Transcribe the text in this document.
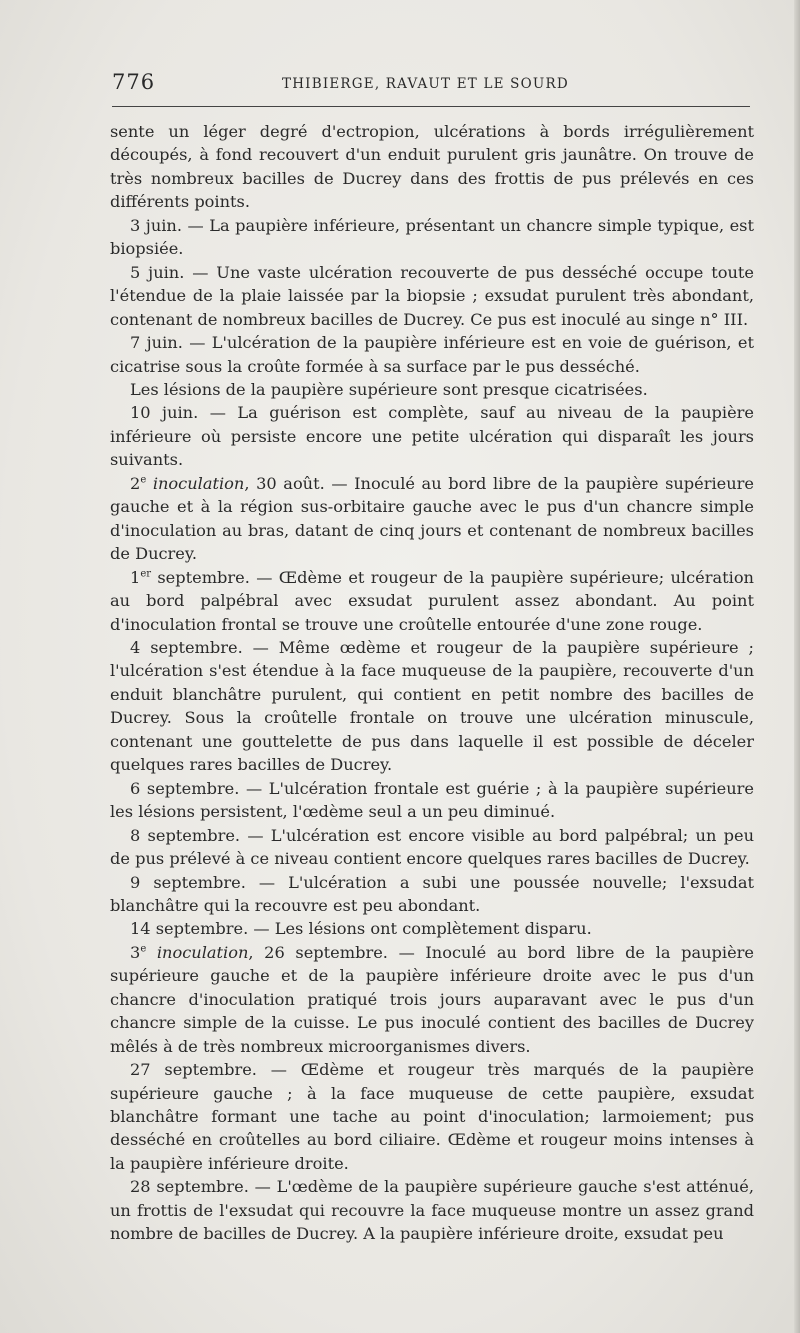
776	THIBIERGE, RAVAUT ET LE SOURD

sente un léger degré d'ectropion, ulcérations à bords irrégulièrement découpés, à fond recouvert d'un enduit purulent gris jaunâtre. On trouve de très nombreux bacilles de Ducrey dans des frottis de pus prélevés en ces différents points.

3 juin. — La paupière inférieure, présentant un chancre simple typique, est biopsiée.

5 juin. — Une vaste ulcération recouverte de pus desséché occupe toute l'étendue de la plaie laissée par la biopsie ; exsudat purulent très abondant, contenant de nombreux bacilles de Ducrey. Ce pus est inoculé au singe n° III.

7 juin. — L'ulcération de la paupière inférieure est en voie de guérison, et cicatrise sous la croûte formée à sa surface par le pus desséché.

Les lésions de la paupière supérieure sont presque cicatrisées.

10 juin. — La guérison est complète, sauf au niveau de la paupière inférieure où persiste encore une petite ulcération qui disparaît les jours suivants.

2e inoculation, 30 août. — Inoculé au bord libre de la paupière supérieure gauche et à la région sus-orbitaire gauche avec le pus d'un chancre simple d'inoculation au bras, datant de cinq jours et contenant de nombreux bacilles de Ducrey.

1er septembre. — Œdème et rougeur de la paupière supérieure; ulcération au bord palpébral avec exsudat purulent assez abondant. Au point d'inoculation frontal se trouve une croûtelle entourée d'une zone rouge.

4 septembre. — Même œdème et rougeur de la paupière supérieure ; l'ulcération s'est étendue à la face muqueuse de la paupière, recouverte d'un enduit blanchâtre purulent, qui contient en petit nombre des bacilles de Ducrey. Sous la croûtelle frontale on trouve une ulcération minuscule, contenant une gouttelette de pus dans laquelle il est possible de déceler quelques rares bacilles de Ducrey.

6 septembre. — L'ulcération frontale est guérie ; à la paupière supérieure les lésions persistent, l'œdème seul a un peu diminué.

8 septembre. — L'ulcération est encore visible au bord palpébral; un peu de pus prélevé à ce niveau contient encore quelques rares bacilles de Ducrey.

9 septembre. — L'ulcération a subi une poussée nouvelle; l'exsudat blanchâtre qui la recouvre est peu abondant.

14 septembre. — Les lésions ont complètement disparu.

3e inoculation, 26 septembre. — Inoculé au bord libre de la paupière supérieure gauche et de la paupière inférieure droite avec le pus d'un chancre d'inoculation pratiqué trois jours auparavant avec le pus d'un chancre simple de la cuisse. Le pus inoculé contient des bacilles de Ducrey mêlés à de très nombreux microorganismes divers.

27 septembre. — Œdème et rougeur très marqués de la paupière supérieure gauche ; à la face muqueuse de cette paupière, exsudat blanchâtre formant une tache au point d'inoculation; larmoiement; pus desséché en croûtelles au bord ciliaire. Œdème et rougeur moins intenses à la paupière inférieure droite.

28 septembre. — L'œdème de la paupière supérieure gauche s'est atténué, un frottis de l'exsudat qui recouvre la face muqueuse montre un assez grand nombre de bacilles de Ducrey. A la paupière inférieure droite, exsudat peu
